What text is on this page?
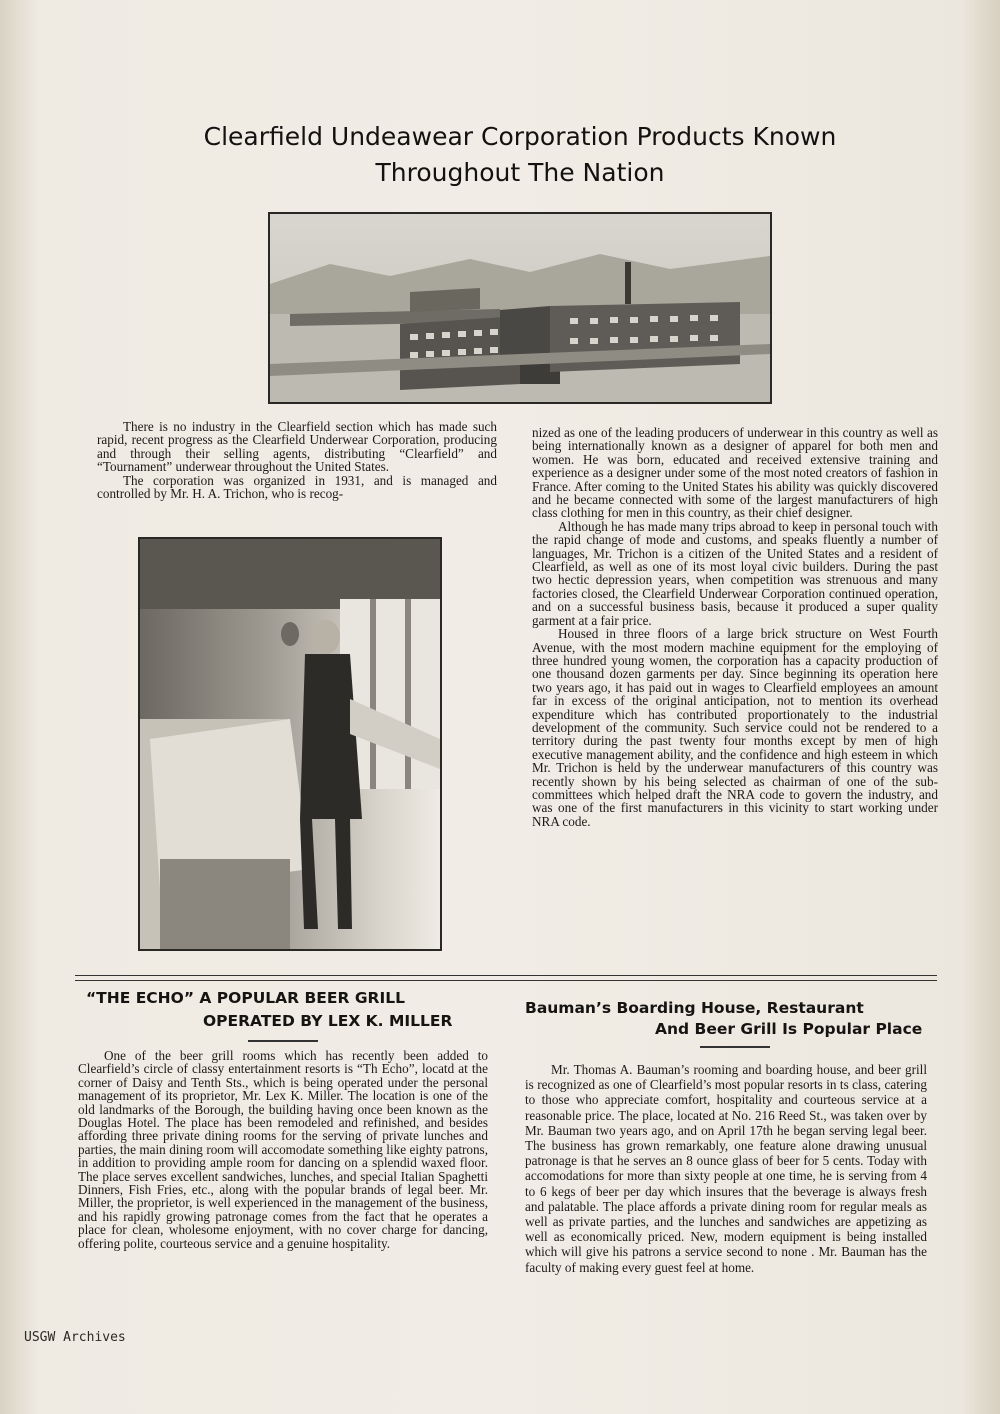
Clearfield Undeawear Corporation Products Known
Throughout The Nation

There is no industry in the Clearfield section which has made such rapid, recent progress as the Clearfield Underwear Corporation, producing and through their selling agents, distributing “Clearfield” and “Tournament” underwear throughout the United States.

The corporation was organized in 1931, and is managed and controlled by Mr. H. A. Trichon, who is recog-

nized as one of the leading producers of underwear in this country as well as being internationally known as a designer of apparel for both men and women. He was born, educated and received extensive training and experience as a designer under some of the most noted creators of fashion in France. After coming to the United States his ability was quickly discovered and he became connected with some of the largest manufacturers of high class clothing for men in this country, as their chief designer.

Although he has made many trips abroad to keep in personal touch with the rapid change of mode and customs, and speaks fluently a number of languages, Mr. Trichon is a citizen of the United States and a resident of Clearfield, as well as one of its most loyal civic builders. During the past two hectic depression years, when competition was strenuous and many factories closed, the Clearfield Underwear Corporation continued operation, and on a successful business basis, because it produced a super quality garment at a fair price.

Housed in three floors of a large brick structure on West Fourth Avenue, with the most modern machine equipment for the employing of three hundred young women, the corporation has a capacity production of one thousand dozen garments per day. Since beginning its operation here two years ago, it has paid out in wages to Clearfield employees an amount far in excess of the original anticipation, not to mention its overhead expenditure which has contributed proportionately to the industrial development of the community. Such service could not be rendered to a territory during the past twenty four months except by men of high executive management ability, and the confidence and high esteem in which Mr. Trichon is held by the underwear manufacturers of this country was recently shown by his being selected as chairman of one of the sub-committees which helped draft the NRA code to govern the industry, and was one of the first manufacturers in this vicinity to start working under NRA code.

“THE ECHO” A POPULAR BEER GRILL
OPERATED BY LEX K. MILLER

One of the beer grill rooms which has recently been added to Clearfield’s circle of classy entertainment resorts is “Th Echo”, locatd at the corner of Daisy and Tenth Sts., which is being operated under the personal management of its proprietor, Mr. Lex K. Miller. The location is one of the old landmarks of the Borough, the building having once been known as the Douglas Hotel. The place has been remodeled and refinished, and besides affording three private dining rooms for the serving of private lunches and parties, the main dining room will accomodate something like eighty patrons, in addition to providing ample room for dancing on a splendid waxed floor. The place serves excellent sandwiches, lunches, and special Italian Spaghetti Dinners, Fish Fries, etc., along with the popular brands of legal beer. Mr. Miller, the proprietor, is well experienced in the management of the business, and his rapidly growing patronage comes from the fact that he operates a place for clean, wholesome enjoyment, with no cover charge for dancing, offering polite, courteous service and a genuine hospitality.

Bauman’s Boarding House, Restaurant
And Beer Grill Is Popular Place

Mr. Thomas A. Bauman’s rooming and boarding house, and beer grill is recognized as one of Clearfield’s most popular resorts in ts class, catering to those who appreciate comfort, hospitality and courteous service at a reasonable price. The place, located at No. 216 Reed St., was taken over by Mr. Bauman two years ago, and on April 17th he began serving legal beer. The business has grown remarkably, one feature alone drawing unusual patronage is that he serves an 8 ounce glass of beer for 5 cents. Today with accomodations for more than sixty people at one time, he is serving from 4 to 6 kegs of beer per day which insures that the beverage is always fresh and palatable. The place affords a private dining room for regular meals as well as private parties, and the lunches and sandwiches are appetizing as well as economically priced. New, modern equipment is being installed which will give his patrons a service second to none . Mr. Bauman has the faculty of making every guest feel at home.

USGW Archives
